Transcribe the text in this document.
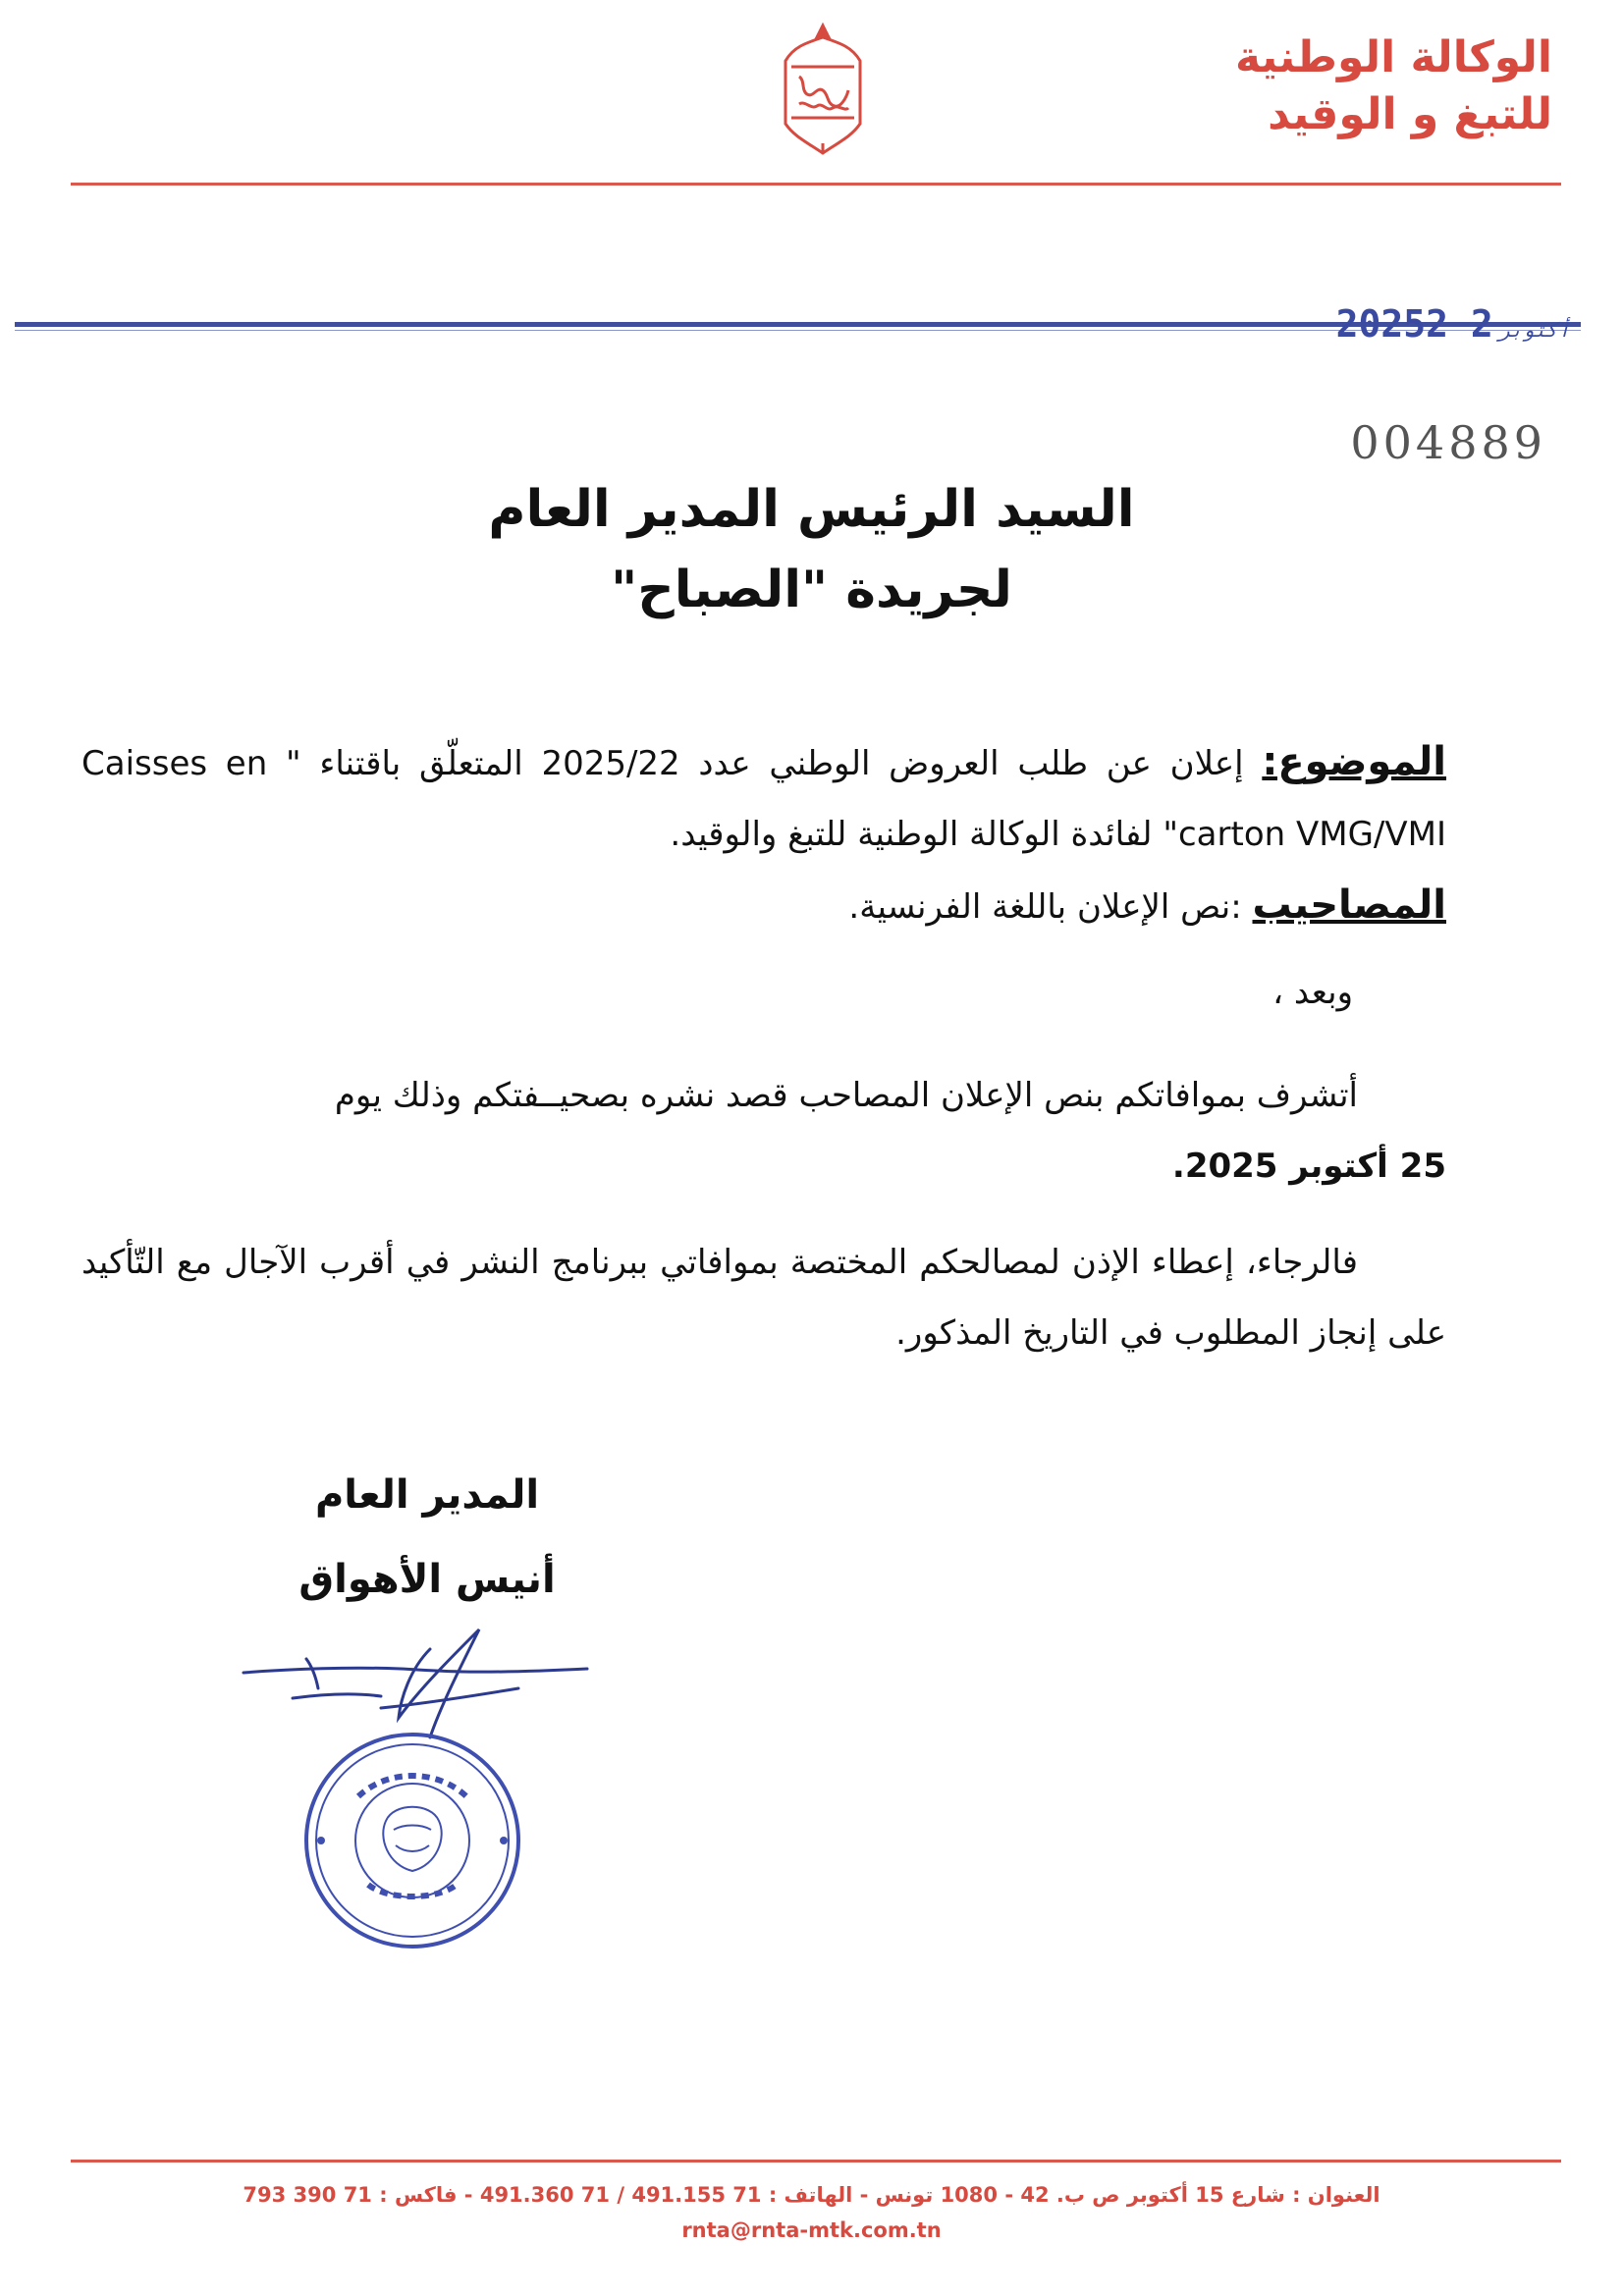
الوكالة الوطنية
للتبغ و الوقيد
2025	أكتوبر2 2
004889
السيد الرئيس المدير العام
لجريدة "الصباح"
الموضوع: إعلان عن طلب العروض الوطني عدد 2025/22 المتعلّق باقتناء " Caisses en carton VMG/VMI" لفائدة الوكالة الوطنية للتبغ والوقيد.
المصاحيب :نص الإعلان باللغة الفرنسية.
وبعد ،
أتشرف بموافاتكم بنص الإعلان المصاحب قصد نشره بصحيــفتكم وذلك يوم
25 أكتوبر 2025.
فالرجاء، إعطاء الإذن لمصالحكم المختصة بموافاتي ببرنامج النشر في أقرب الآجال مع التّأكيد على إنجاز المطلوب في التاريخ المذكور.
المدير العام
أنيس الأهواق
العنوان : شارع 15 أكتوبر ص ب. 42 - 1080 تونس - الهاتف : 71 491.155 / 71 491.360 - فاكس : 71 390 793
rnta@rnta-mtk.com.tn
